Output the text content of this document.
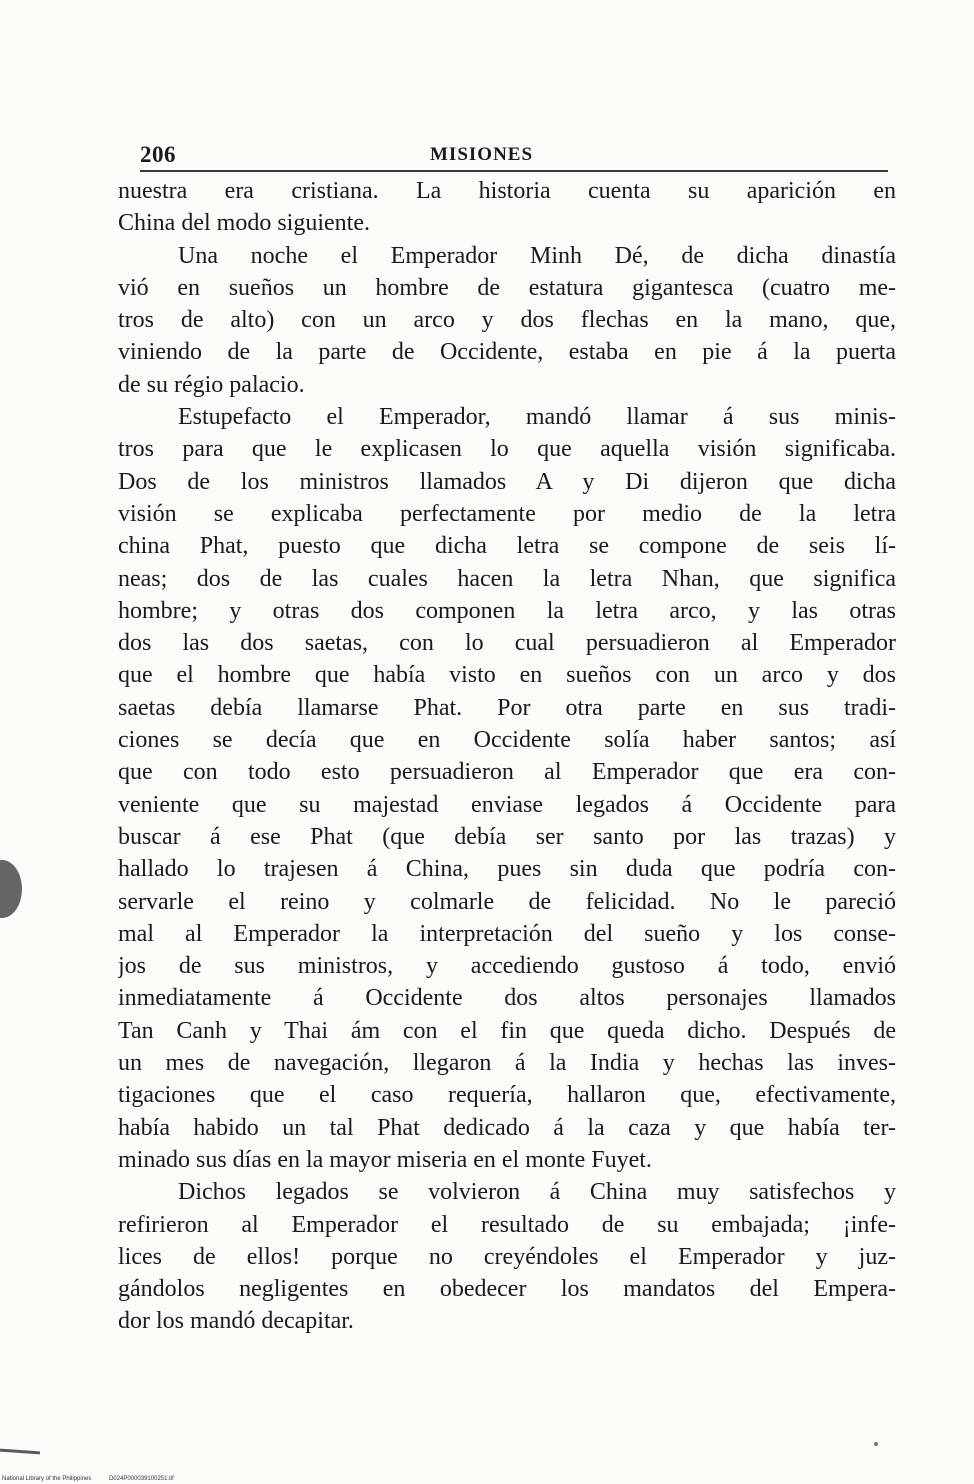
206	MISIONES
nuestra era cristiana. La historia cuenta su aparición en
China del modo siguiente.
Una noche el Emperador Minh Dé, de dicha dinastía
vió en sueños un hombre de estatura gigantesca (cuatro me-
tros de alto) con un arco y dos flechas en la mano, que,
viniendo de la parte de Occidente, estaba en pie á la puerta
de su régio palacio.
Estupefacto el Emperador, mandó llamar á sus minis-
tros para que le explicasen lo que aquella visión significaba.
Dos de los ministros llamados A y Di dijeron que dicha
visión se explicaba perfectamente por medio de la letra
china Phat, puesto que dicha letra se compone de seis lí-
neas; dos de las cuales hacen la letra Nhan, que significa
hombre; y otras dos componen la letra arco, y las otras
dos las dos saetas, con lo cual persuadieron al Emperador
que el hombre que había visto en sueños con un arco y dos
saetas debía llamarse Phat. Por otra parte en sus tradi-
ciones se decía que en Occidente solía haber santos; así
que con todo esto persuadieron al Emperador que era con-
veniente que su majestad enviase legados á Occidente para
buscar á ese Phat (que debía ser santo por las trazas) y
hallado lo trajesen á China, pues sin duda que podría con-
servarle el reino y colmarle de felicidad. No le pareció
mal al Emperador la interpretación del sueño y los conse-
jos de sus ministros, y accediendo gustoso á todo, envió
inmediatamente á Occidente dos altos personajes llamados
Tan Canh y Thai ám con el fin que queda dicho. Después de
un mes de navegación, llegaron á la India y hechas las inves-
tigaciones que el caso requería, hallaron que, efectivamente,
había habido un tal Phat dedicado á la caza y que había ter-
minado sus días en la mayor miseria en el monte Fuyet.
Dichos legados se volvieron á China muy satisfechos y
refirieron al Emperador el resultado de su embajada; ¡infe-
lices de ellos! porque no creyéndoles el Emperador y juz-
gándolos negligentes en obedecer los mandatos del Empera-
dor los mandó decapitar.
National Library of the Philippines	D024P000039100251.tif
